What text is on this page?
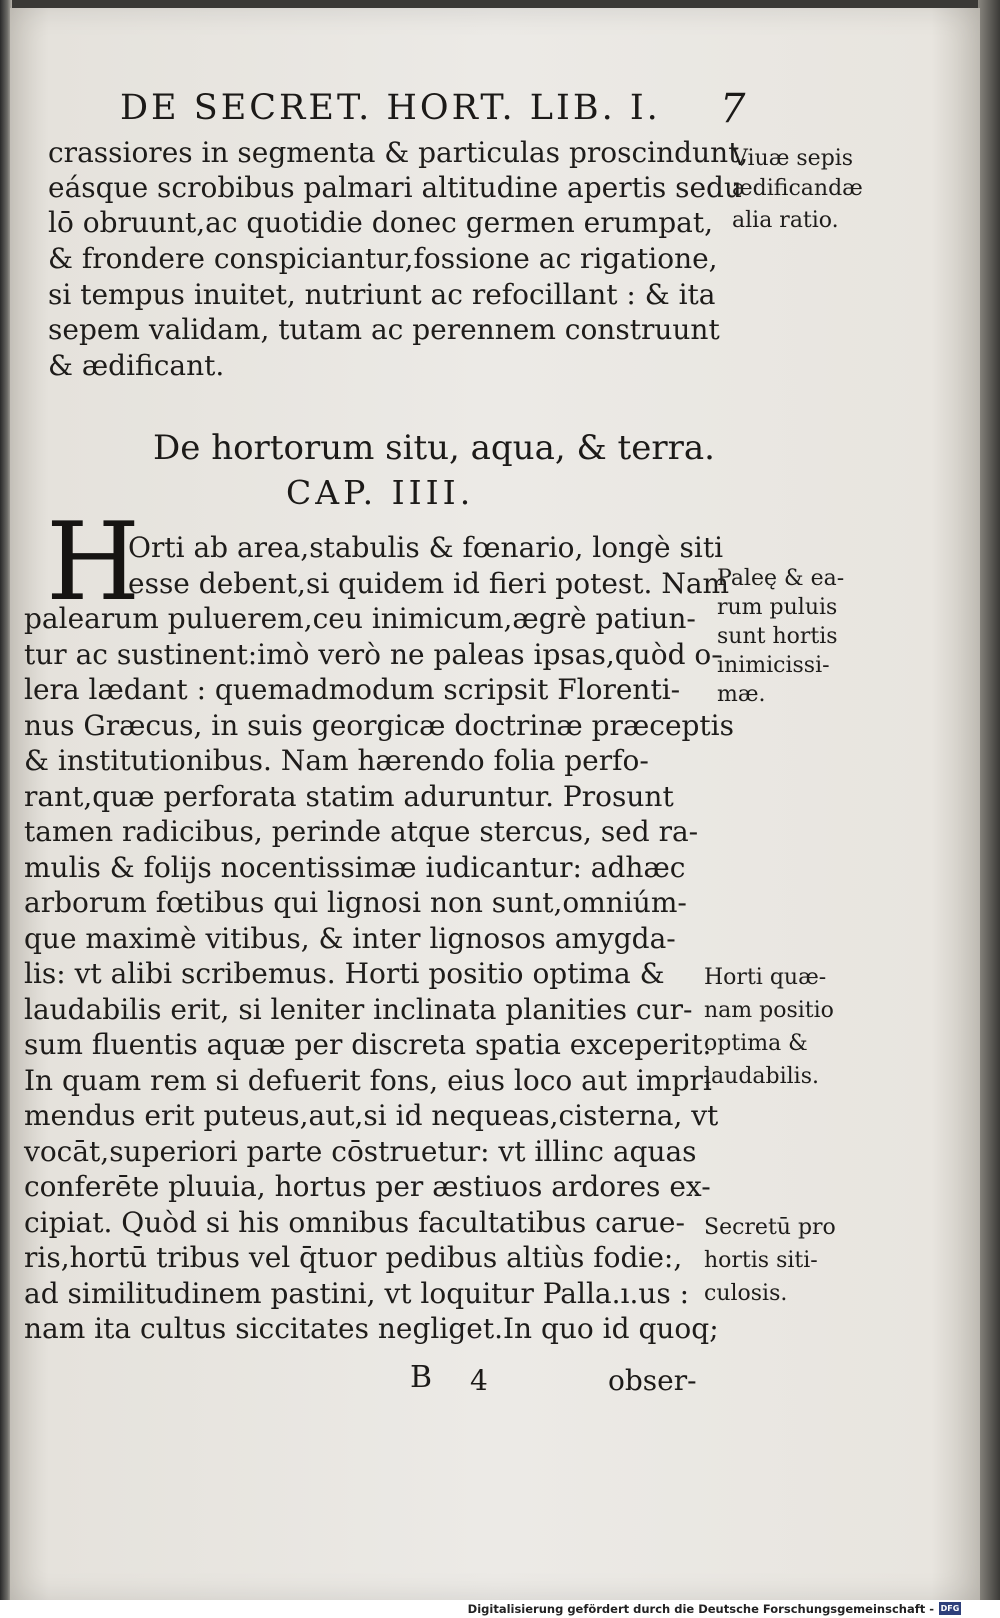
DE SECRET. HORT. LIB. I. 7
crassiores in segmenta & particulas proscindunt,
eásque scrobibus palmari altitudine apertis sedu
lō obruunt,ac quotidie donec germen erumpat,
& frondere conspiciantur,fossione ac rigatione,
si tempus inuitet, nutriunt ac refocillant : & ita
sepem validam, tutam ac perennem construunt
& ædificant.
Viuæ sepis
ædificandæ
alia ratio.
De hortorum situ, aqua, & terra.
CAP. IIII.
H
Orti ab area,stabulis & fœnario, longè siti
esse debent,si quidem id fieri potest. Nam
palearum puluerem,ceu inimicum,ægrè patiun-
tur ac sustinent:imò verò ne paleas ipsas,quòd o-
lera lædant : quemadmodum scripsit Florenti-
nus Græcus, in suis georgicæ doctrinæ præceptis
& institutionibus. Nam hærendo folia perfo-
rant,quæ perforata statim aduruntur. Prosunt
tamen radicibus, perinde atque stercus, sed ra-
mulis & folijs nocentissimæ iudicantur: adhæc
arborum fœtibus qui lignosi non sunt,omniúm-
que maximè vitibus, & inter lignosos amygda-
lis: vt alibi scribemus. Horti positio optima &
laudabilis erit, si leniter inclinata planities cur-
sum fluentis aquæ per discreta spatia exceperit.
In quam rem si defuerit fons, eius loco aut impri
mendus erit puteus,aut,si id nequeas,cisterna, vt
vocāt,superiori parte cōstruetur: vt illinc aquas
conferēte pluuia, hortus per æstiuos ardores ex-
cipiat. Quòd si his omnibus facultatibus carue-
ris,hortū tribus vel q̄tuor pedibus altiùs fodie:,
ad similitudinem pastini, vt loquitur Palla.ı.us :
nam ita cultus siccitates negliget.In quo id quoq;
Paleę & ea-
rum puluis
sunt hortis
inimicissi-
mæ.
Horti quæ-
nam positio
optima &
laudabilis.
Secretū pro
hortis siti-
culosis.
B 4	obser-
Digitalisierung gefördert durch die Deutsche Forschungsgemeinschaft - DFG
